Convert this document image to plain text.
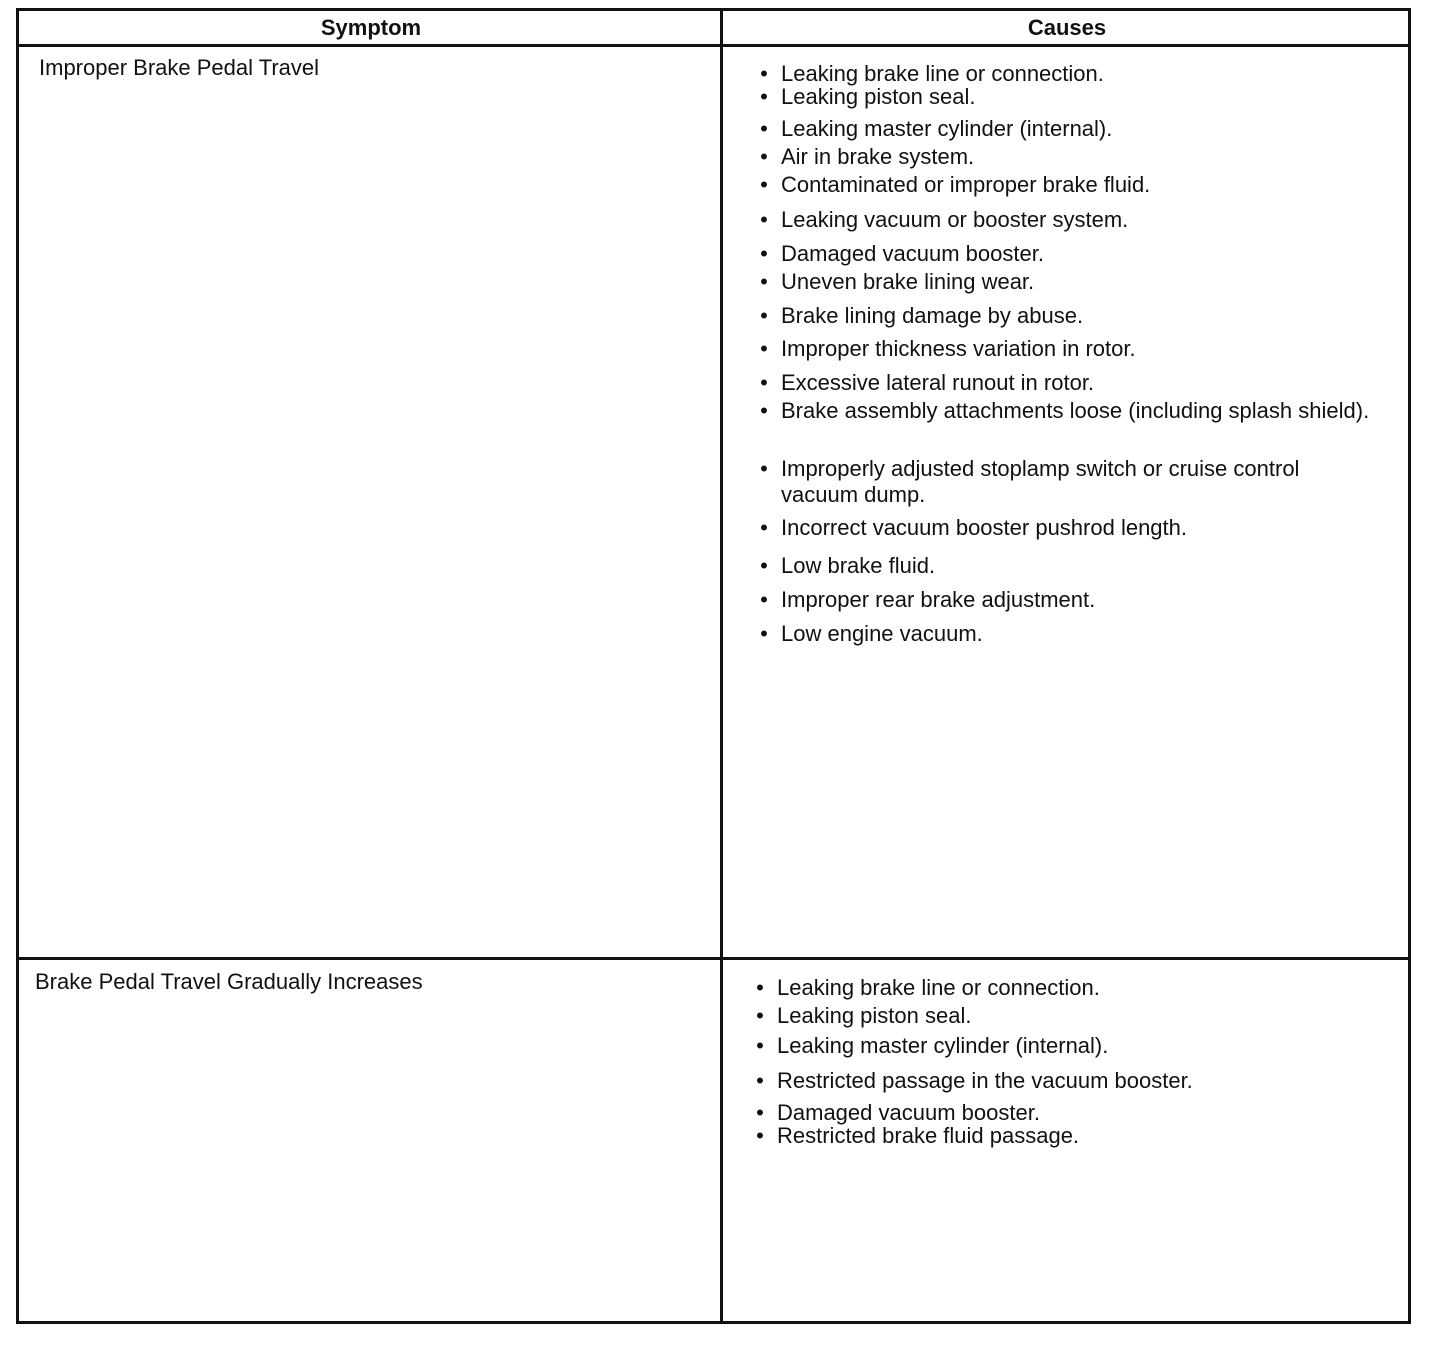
Symptom	Causes
Improper Brake Pedal Travel	• Leaking brake line or connection.
• Leaking piston seal.
• Leaking master cylinder (internal).
• Air in brake system.
• Contaminated or improper brake fluid.
• Leaking vacuum or booster system.
• Damaged vacuum booster.
• Uneven brake lining wear.
• Brake lining damage by abuse.
• Improper thickness variation in rotor.
• Excessive lateral runout in rotor.
• Brake assembly attachments loose (including splash shield).
• Improperly adjusted stoplamp switch or cruise control vacuum dump.
• Incorrect vacuum booster pushrod length.
• Low brake fluid.
• Improper rear brake adjustment.
• Low engine vacuum.
Brake Pedal Travel Gradually Increases	• Leaking brake line or connection.
• Leaking piston seal.
• Leaking master cylinder (internal).
• Restricted passage in the vacuum booster.
• Damaged vacuum booster.
• Restricted brake fluid passage.
